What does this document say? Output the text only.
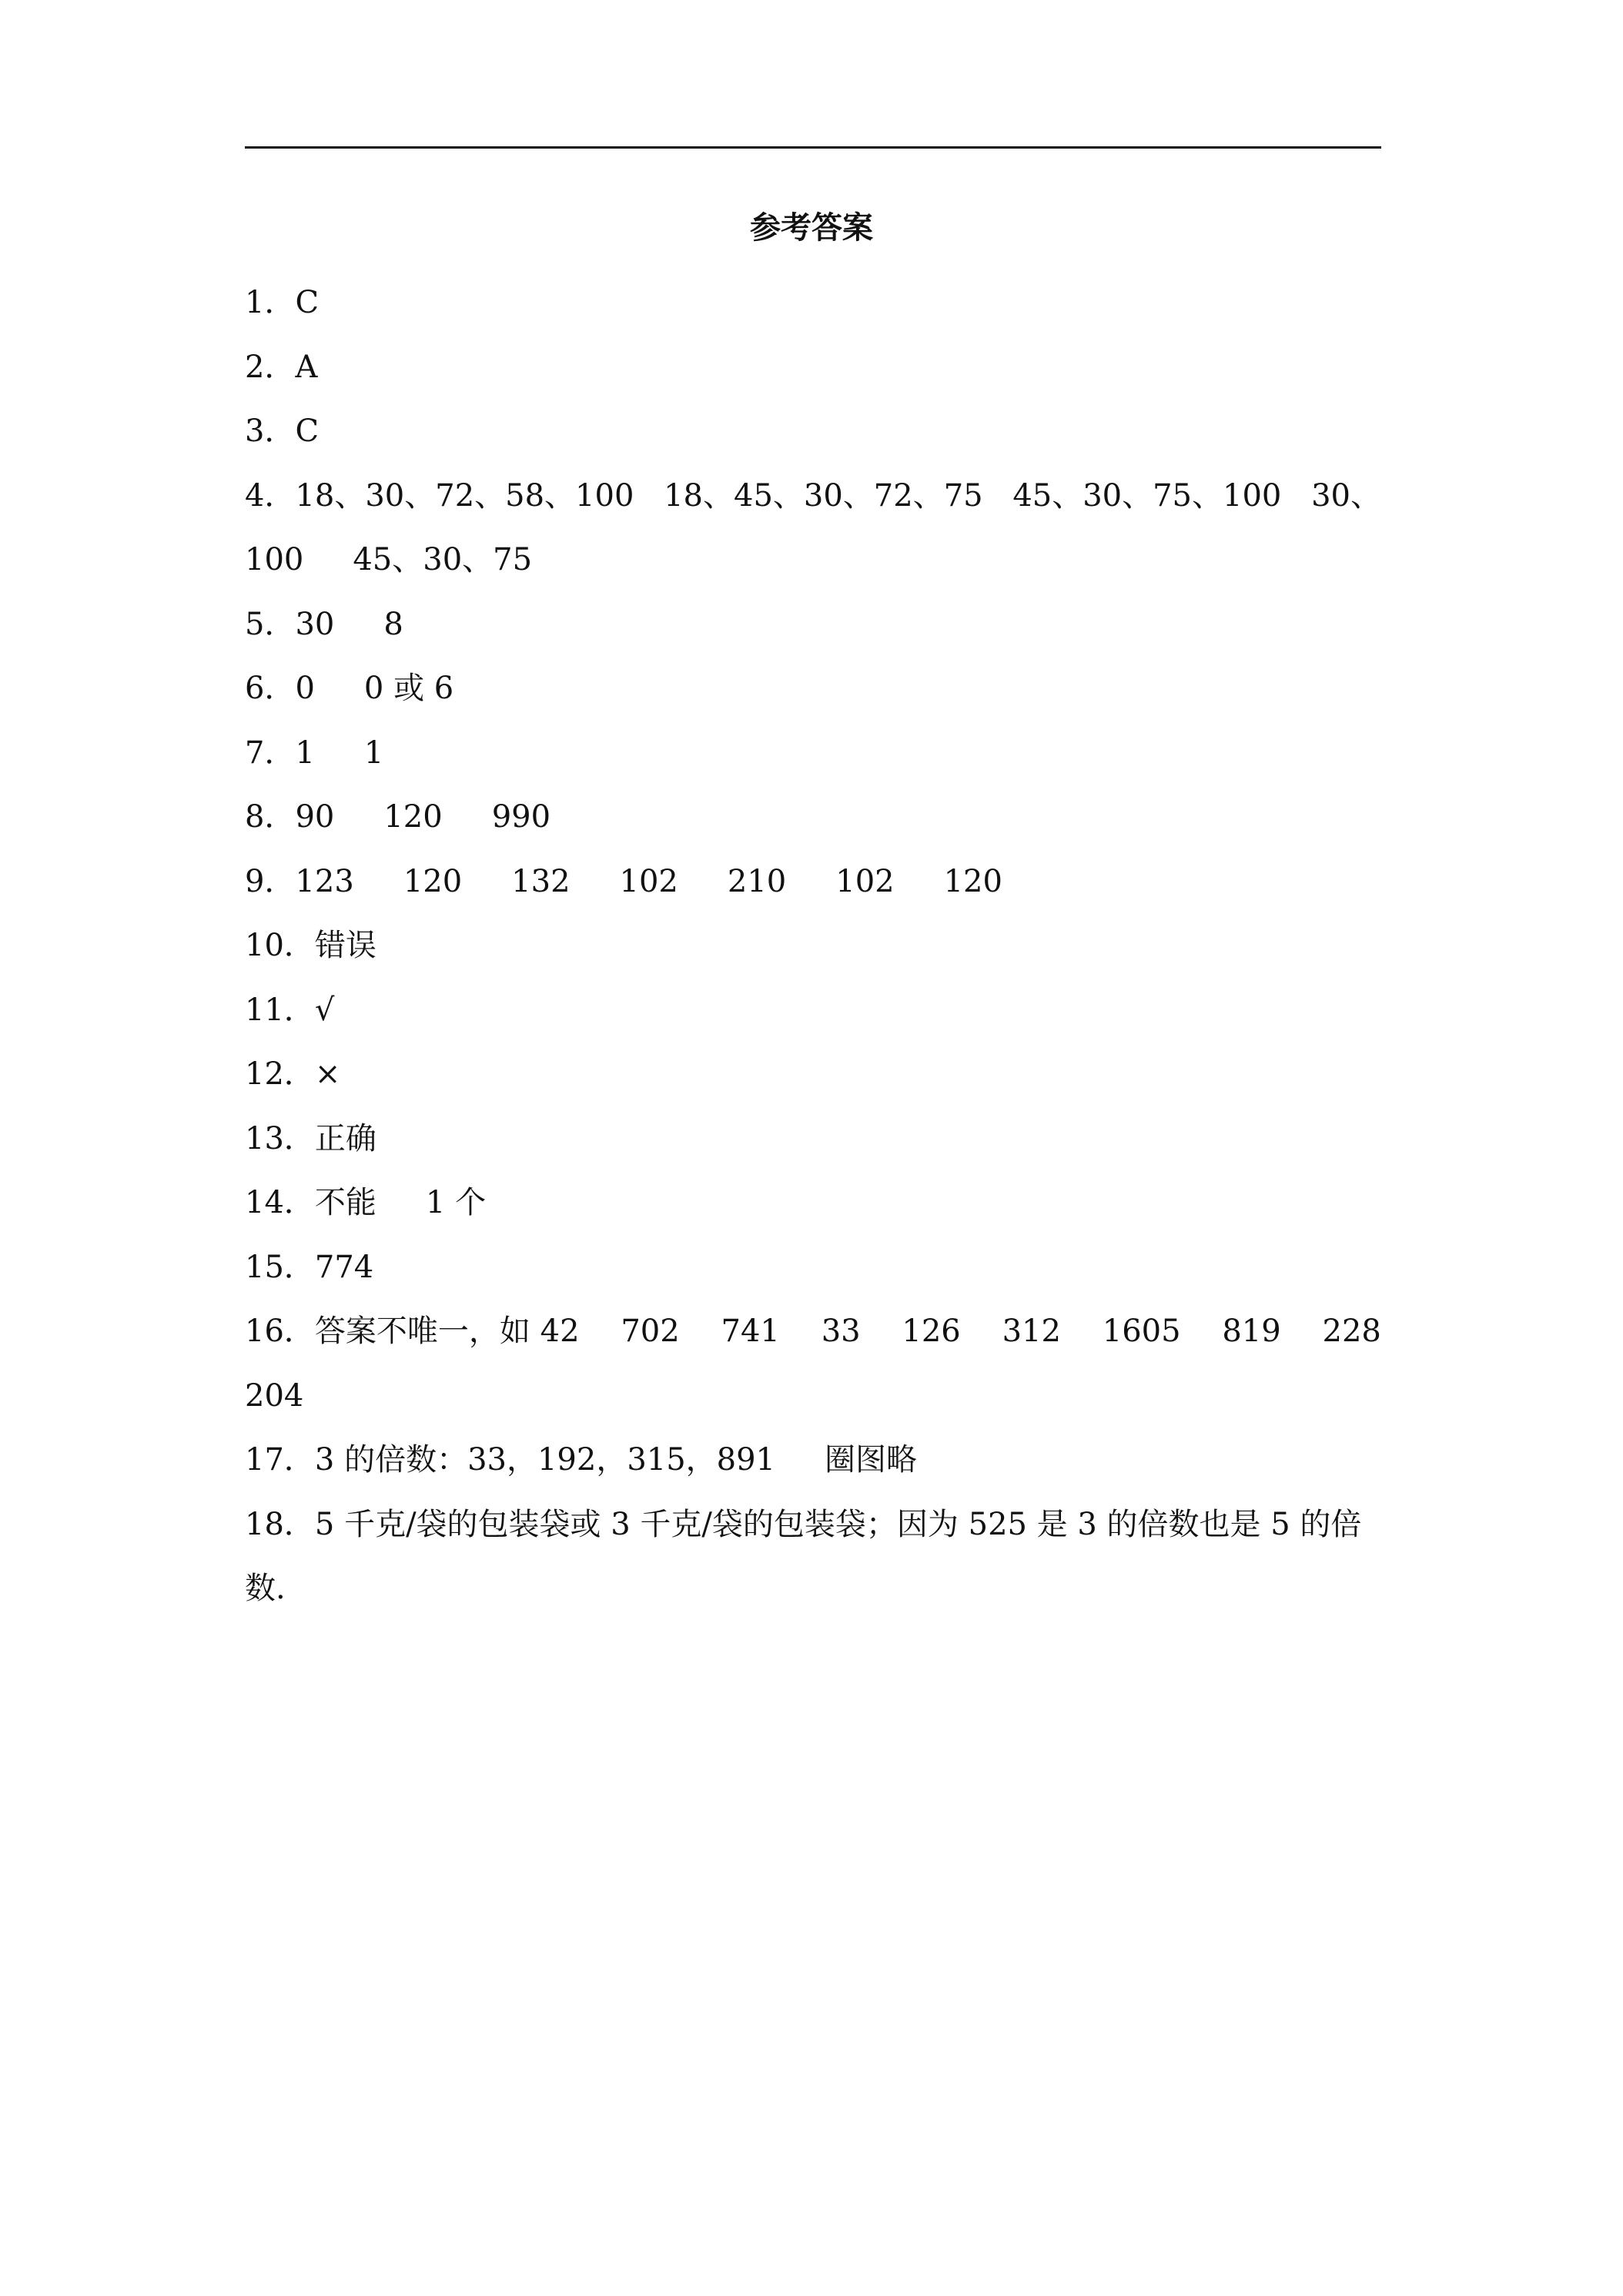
参考答案
1．C
2．A
3．C
4．18、30、72、58、100 18、45、30、72、75 45、30、75、100 30、
100 45、30、75
5．30 8
6．0 0 或 6
7．1 1
8．90 120 990
9．123 120 132 102 210 102 120
10．错误
11．√
12．×
13．正确
14．不能 1 个
15．774
16．答案不唯一，如 42 702 741 33 126 312 1605 819 228
204
17．3 的倍数：33，192，315，891 圈图略
18．5 千克/袋的包装袋或 3 千克/袋的包装袋；因为 525 是 3 的倍数也是 5 的倍
数.
